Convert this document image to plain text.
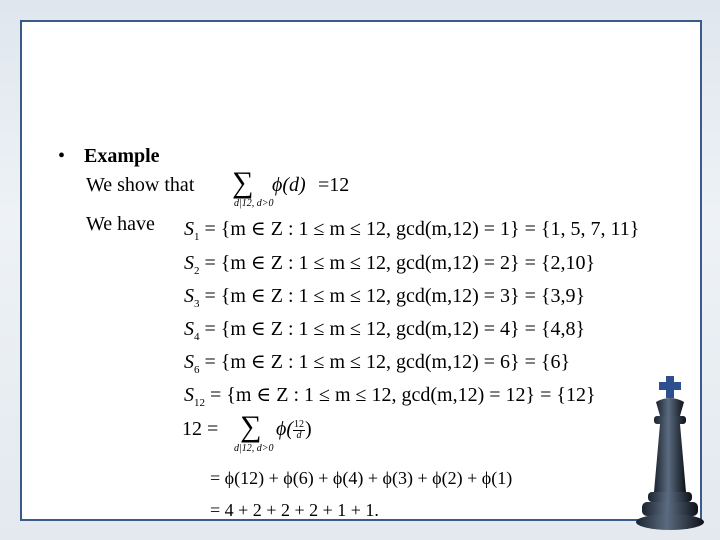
• Example
We show that ∑
d|12, d>0
ϕ(d) =12
We have $S_1 = \{m$ ∈ Z : 1 ≤ m ≤ 12, gcd(m,12) = 1} = {1, 5, 7, 11}
$S_2 = \{m$ ∈ Z : 1 ≤ m ≤ 12, gcd(m,12) = 2} = {2,10}
$S_3 = \{m$ ∈ Z : 1 ≤ m ≤ 12, gcd(m,12) = 3} = {3,9}
$S_4 = \{m$ ∈ Z : 1 ≤ m ≤ 12, gcd(m,12) = 4} = {4,8}
$S_6 = \{m$ ∈ Z : 1 ≤ m ≤ 12, gcd(m,12) = 6} = {6}
$S_{12} = \{m$ ∈ Z : 1 ≤ m ≤ 12, gcd(m,12) = 12} = {12}
12 = ∑
d|12, d>0
$\phi( \frac{12}{d}$ )
= ϕ(12) + ϕ(6) + ϕ(4) + ϕ(3) + ϕ(2) + ϕ(1)
= 4 + 2 + 2 + 2 + 1 + 1.
